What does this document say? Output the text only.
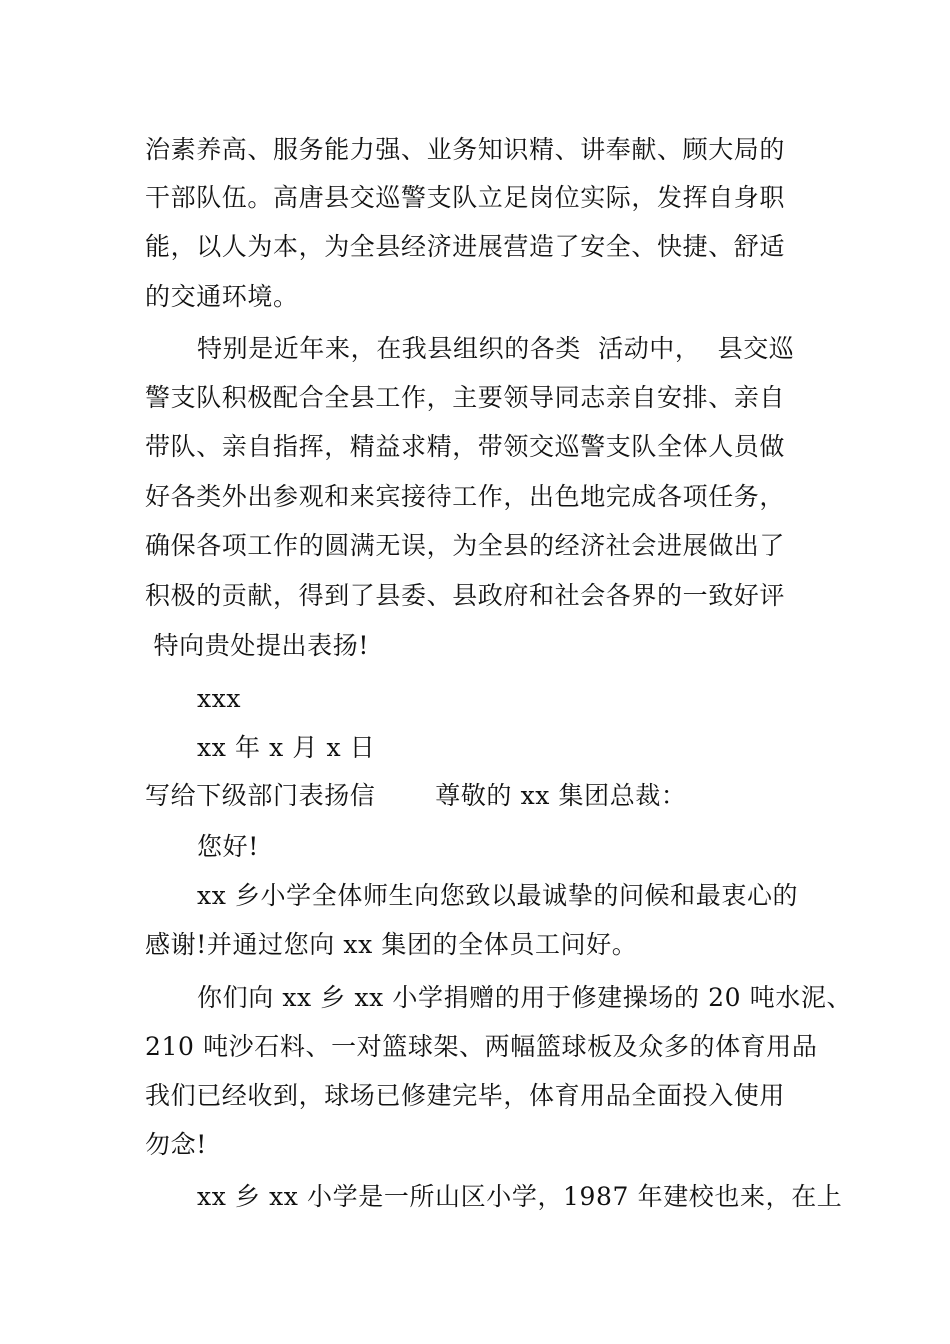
治素养高、服务能力强、业务知识精、讲奉献、顾大局的
干部队伍。高唐县交巡警支队立足岗位实际，发挥自身职
能，以人为本，为全县经济进展营造了安全、快捷、舒适
的交通环境。
特别是近年来，在我县组织的各类  活动中，  县交巡
警支队积极配合全县工作，主要领导同志亲自安排、亲自
带队、亲自指挥，精益求精，带领交巡警支队全体人员做
好各类外出参观和来宾接待工作，出色地完成各项任务，
确保各项工作的圆满无误，为全县的经济社会进展做出了
积极的贡献，得到了县委、县政府和社会各界的一致好评
特向贵处提出表扬!
xxx
xx 年 x 月 x 日
写给下级部门表扬信       尊敬的 xx 集团总裁：
您好!
xx 乡小学全体师生向您致以最诚挚的问候和最衷心的
感谢!并通过您向 xx 集团的全体员工问好。
你们向 xx 乡 xx 小学捐赠的用于修建操场的 20 吨水泥、
210 吨沙石料、一对篮球架、两幅篮球板及众多的体育用品
我们已经收到，球场已修建完毕，体育用品全面投入使用
勿念!
xx 乡 xx 小学是一所山区小学，1987 年建校也来，在上
